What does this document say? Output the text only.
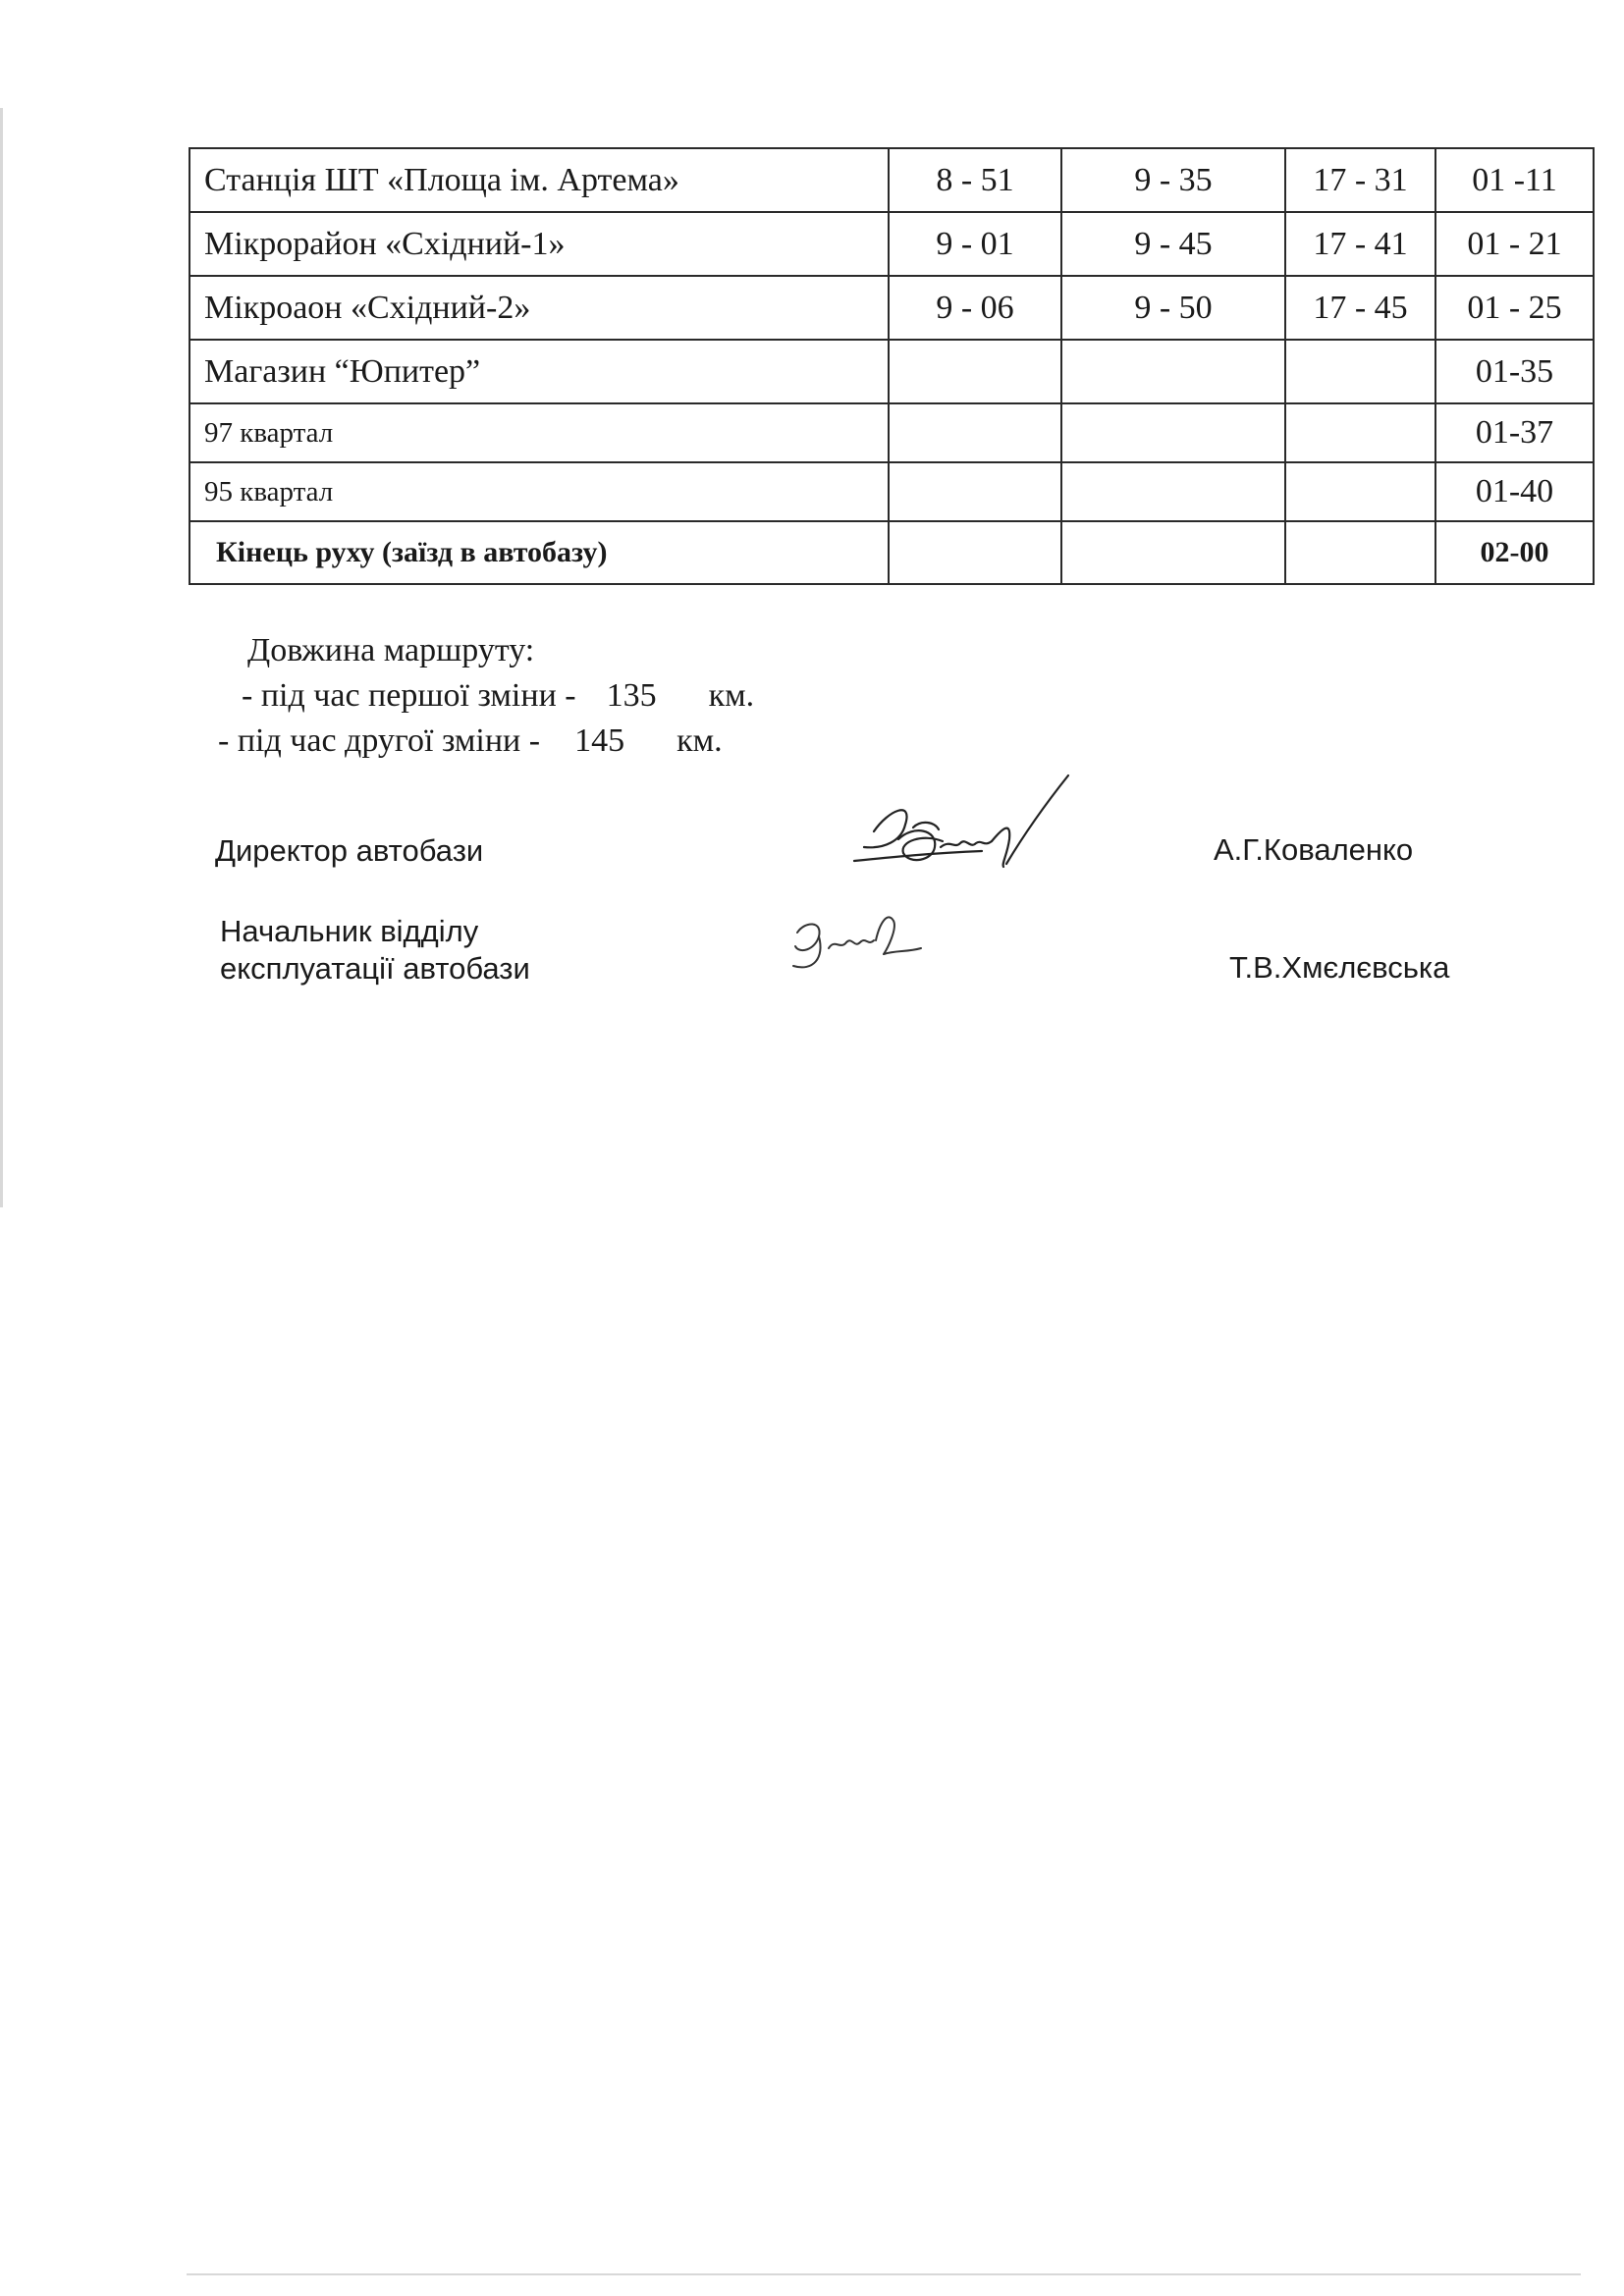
Станція ШТ «Площа ім. Артема»	8 - 51	9 - 35	17 - 31	01 -11
Мікрорайон «Східний-1»	9 - 01	9 - 45	17 - 41	01 - 21
Мікроаон «Східний-2»	9 - 06	9 - 50	17 - 45	01 - 25
Магазин “Юпитер”				01-35
97 квартал				01-37
95 квартал				01-40
Кінець руху (заїзд в автобазу)				02-00
Довжина маршруту:
- під час першої зміни - 135 км.
- під час другої зміни - 145 км.
Директор автобази	А.Г.Коваленко
Начальник відділу
експлуатації автобази	Т.В.Хмєлєвська
